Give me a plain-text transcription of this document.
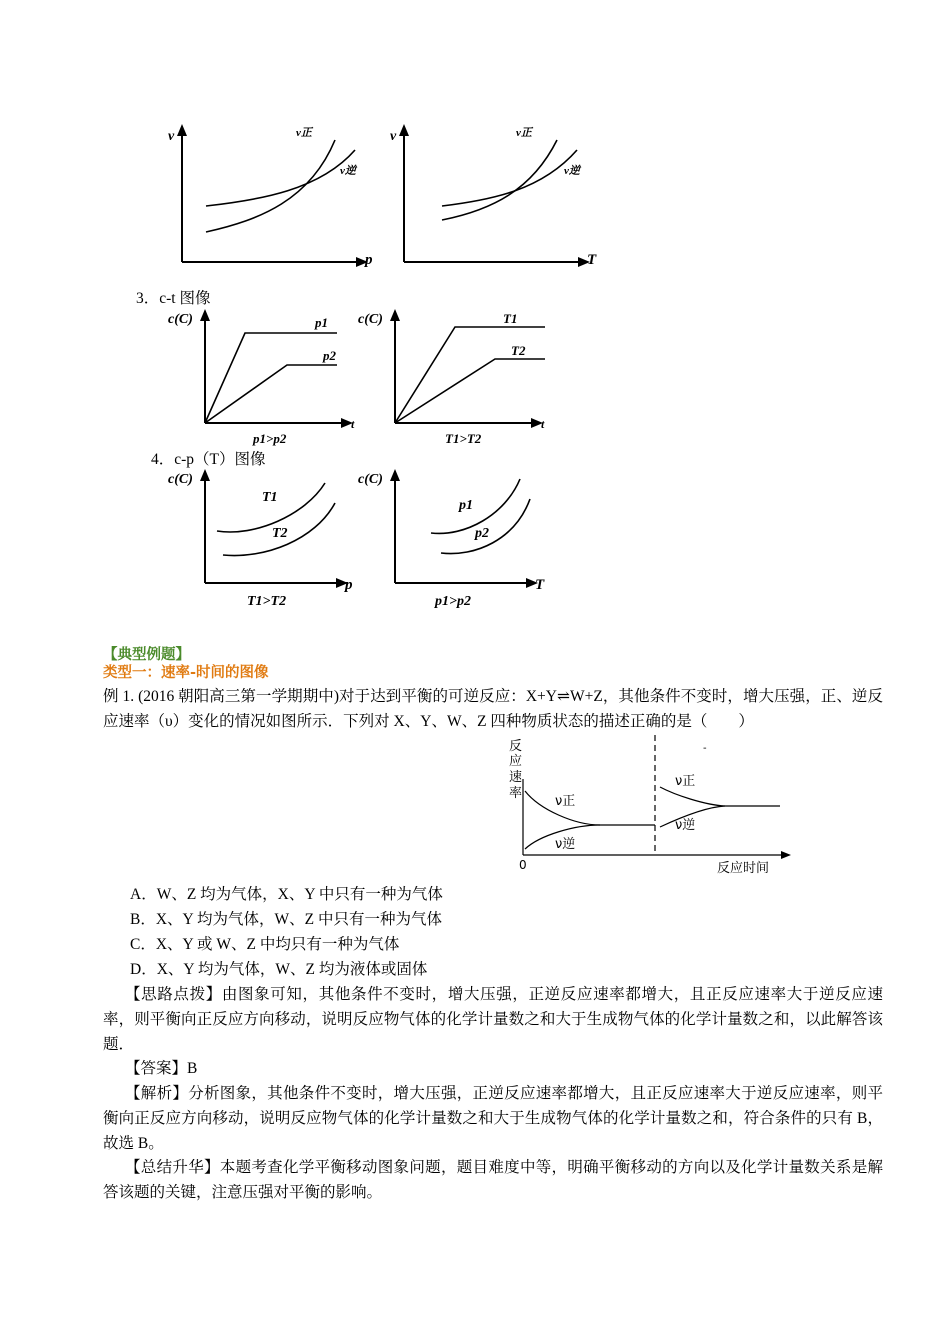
v
p
v正
v逆
v
T
v正
v逆
3．c-t 图像
c(C)
t
p1
p2
p1>p2
c(C)
t
T1
T2
T1>T2
4．c-p（T）图像
c(C)
p
T1
T2
T1>T2
c(C)
T
p1
p2
p1>p2
【典型例题】
类型一：速率-时间的图像
例 1. (2016 朝阳高三第一学期期中)对于达到平衡的可逆反应：X+Y⇌W+Z，其他条件不变时，增大压强，正、逆反应速率（υ）变化的情况如图所示．下列对 X、Y、W、Z 四种物质状态的描述正确的是（　　）
反
应
速
率
0	反应时间
ν正
ν逆
ν正
ν逆
-
A．W、Z 均为气体，X、Y 中只有一种为气体
B．X、Y 均为气体，W、Z 中只有一种为气体
C．X、Y 或 W、Z 中均只有一种为气体
D．X、Y 均为气体，W、Z 均为液体或固体
【思路点拨】由图象可知，其他条件不变时，增大压强，正逆反应速率都增大，且正反应速率大于逆反应速率，则平衡向正反应方向移动，说明反应物气体的化学计量数之和大于生成物气体的化学计量数之和，以此解答该题．
【答案】B
【解析】分析图象，其他条件不变时，增大压强，正逆反应速率都增大，且正反应速率大于逆反应速率，则平衡向正反应方向移动，说明反应物气体的化学计量数之和大于生成物气体的化学计量数之和，符合条件的只有 B，故选 B。
【总结升华】本题考查化学平衡移动图象问题，题目难度中等，明确平衡移动的方向以及化学计量数关系是解答该题的关键，注意压强对平衡的影响。
